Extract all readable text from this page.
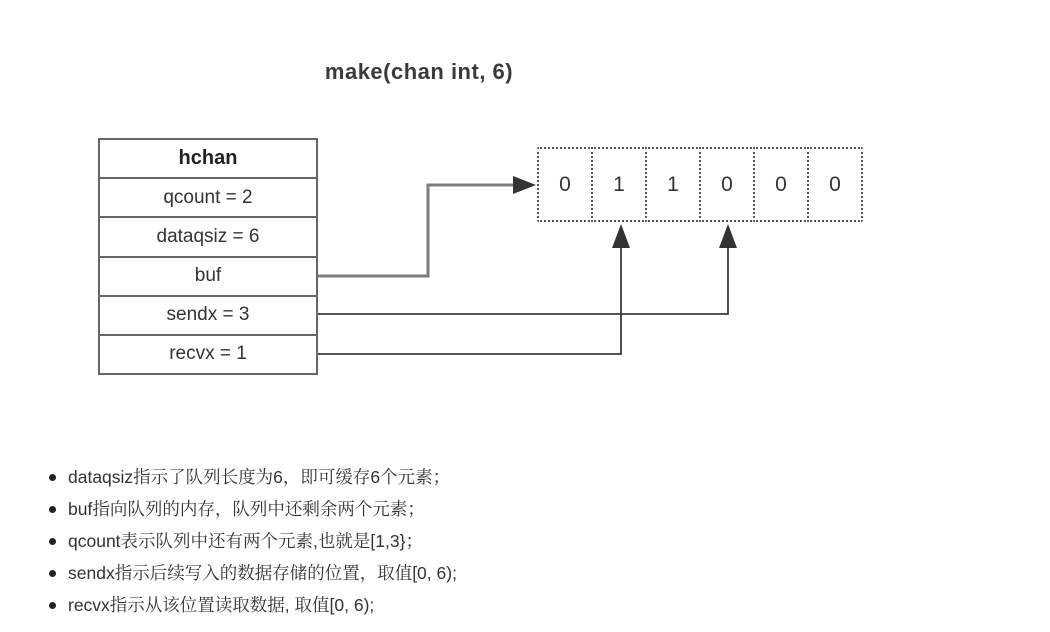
make(chan int, 6)
hchan
qcount = 2
dataqsiz = 6
buf
sendx = 3
recvx = 1
0	1	1	0	0	0
dataqsiz指示了队列长度为6，即可缓存6个元素；
buf指向队列的内存，队列中还剩余两个元素；
qcount表示队列中还有两个元素,也就是[1,3}；
sendx指示后续写入的数据存储的位置，取值[0, 6);
recvx指示从该位置读取数据, 取值[0, 6);
